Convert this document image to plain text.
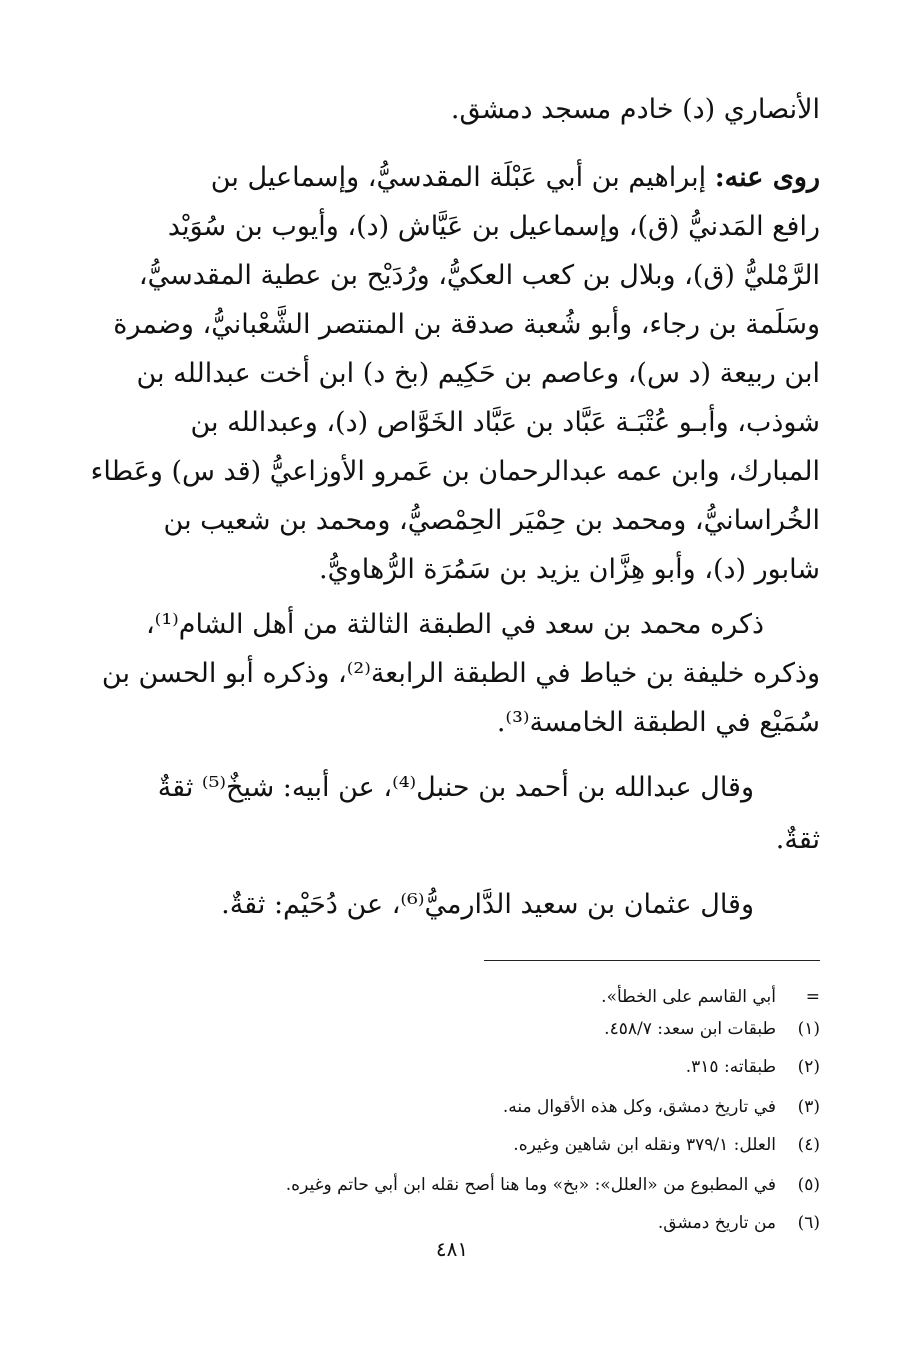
الأنصاري (د) خادم مسجد دمشق.
روى عنه: إبراهيم بن أبي عَبْلَة المقدسيُّ، وإسماعيل بن
رافع المَدنيُّ (ق)، وإسماعيل بن عَيَّاش (د)، وأيوب بن سُوَيْد
الرَّمْليُّ (ق)، وبلال بن كعب العكيُّ، ورُدَيْح بن عطية المقدسيُّ،
وسَلَمة بن رجاء، وأبو شُعبة صدقة بن المنتصر الشَّعْبانيُّ، وضمرة
ابن ربيعة (د س)، وعاصم بن حَكِيم (بخ د) ابن أخت عبدالله بن
شوذب، وأبـو عُتْبَـة عَبَّاد بن عَبَّاد الخَوَّاص (د)، وعبدالله بن
المبارك، وابن عمه عبدالرحمان بن عَمرو الأوزاعيُّ (قد س) وعَطاء
الخُراسانيُّ، ومحمد بن حِمْيَر الحِمْصيُّ، ومحمد بن شعيب بن
شابور (د)، وأبو هِزَّان يزيد بن سَمُرَة الرُّهاويُّ.
ذكره محمد بن سعد في الطبقة الثالثة من أهل الشام⁽¹⁾،
وذكره خليفة بن خياط في الطبقة الرابعة⁽²⁾، وذكره أبو الحسن بن
سُمَيْع في الطبقة الخامسة⁽³⁾.
وقال عبدالله بن أحمد بن حنبل⁽⁴⁾، عن أبيه: شيخٌ⁽⁵⁾ ثقةٌ
ثقةٌ.
وقال عثمان بن سعيد الدَّارميُّ⁽⁶⁾، عن دُحَيْم: ثقةٌ.
=أبي القاسم على الخطأ».
(١)طبقات ابن سعد: ٤٥٨/٧.
(٢)طبقاته: ٣١٥.
(٣)في تاريخ دمشق، وكل هذه الأقوال منه.
(٤)العلل: ٣٧٩/١ ونقله ابن شاهين وغيره.
(٥)في المطبوع من «العلل»: «بخ» وما هنا أصح نقله ابن أبي حاتم وغيره.
(٦)من تاريخ دمشق.
٤٨١
